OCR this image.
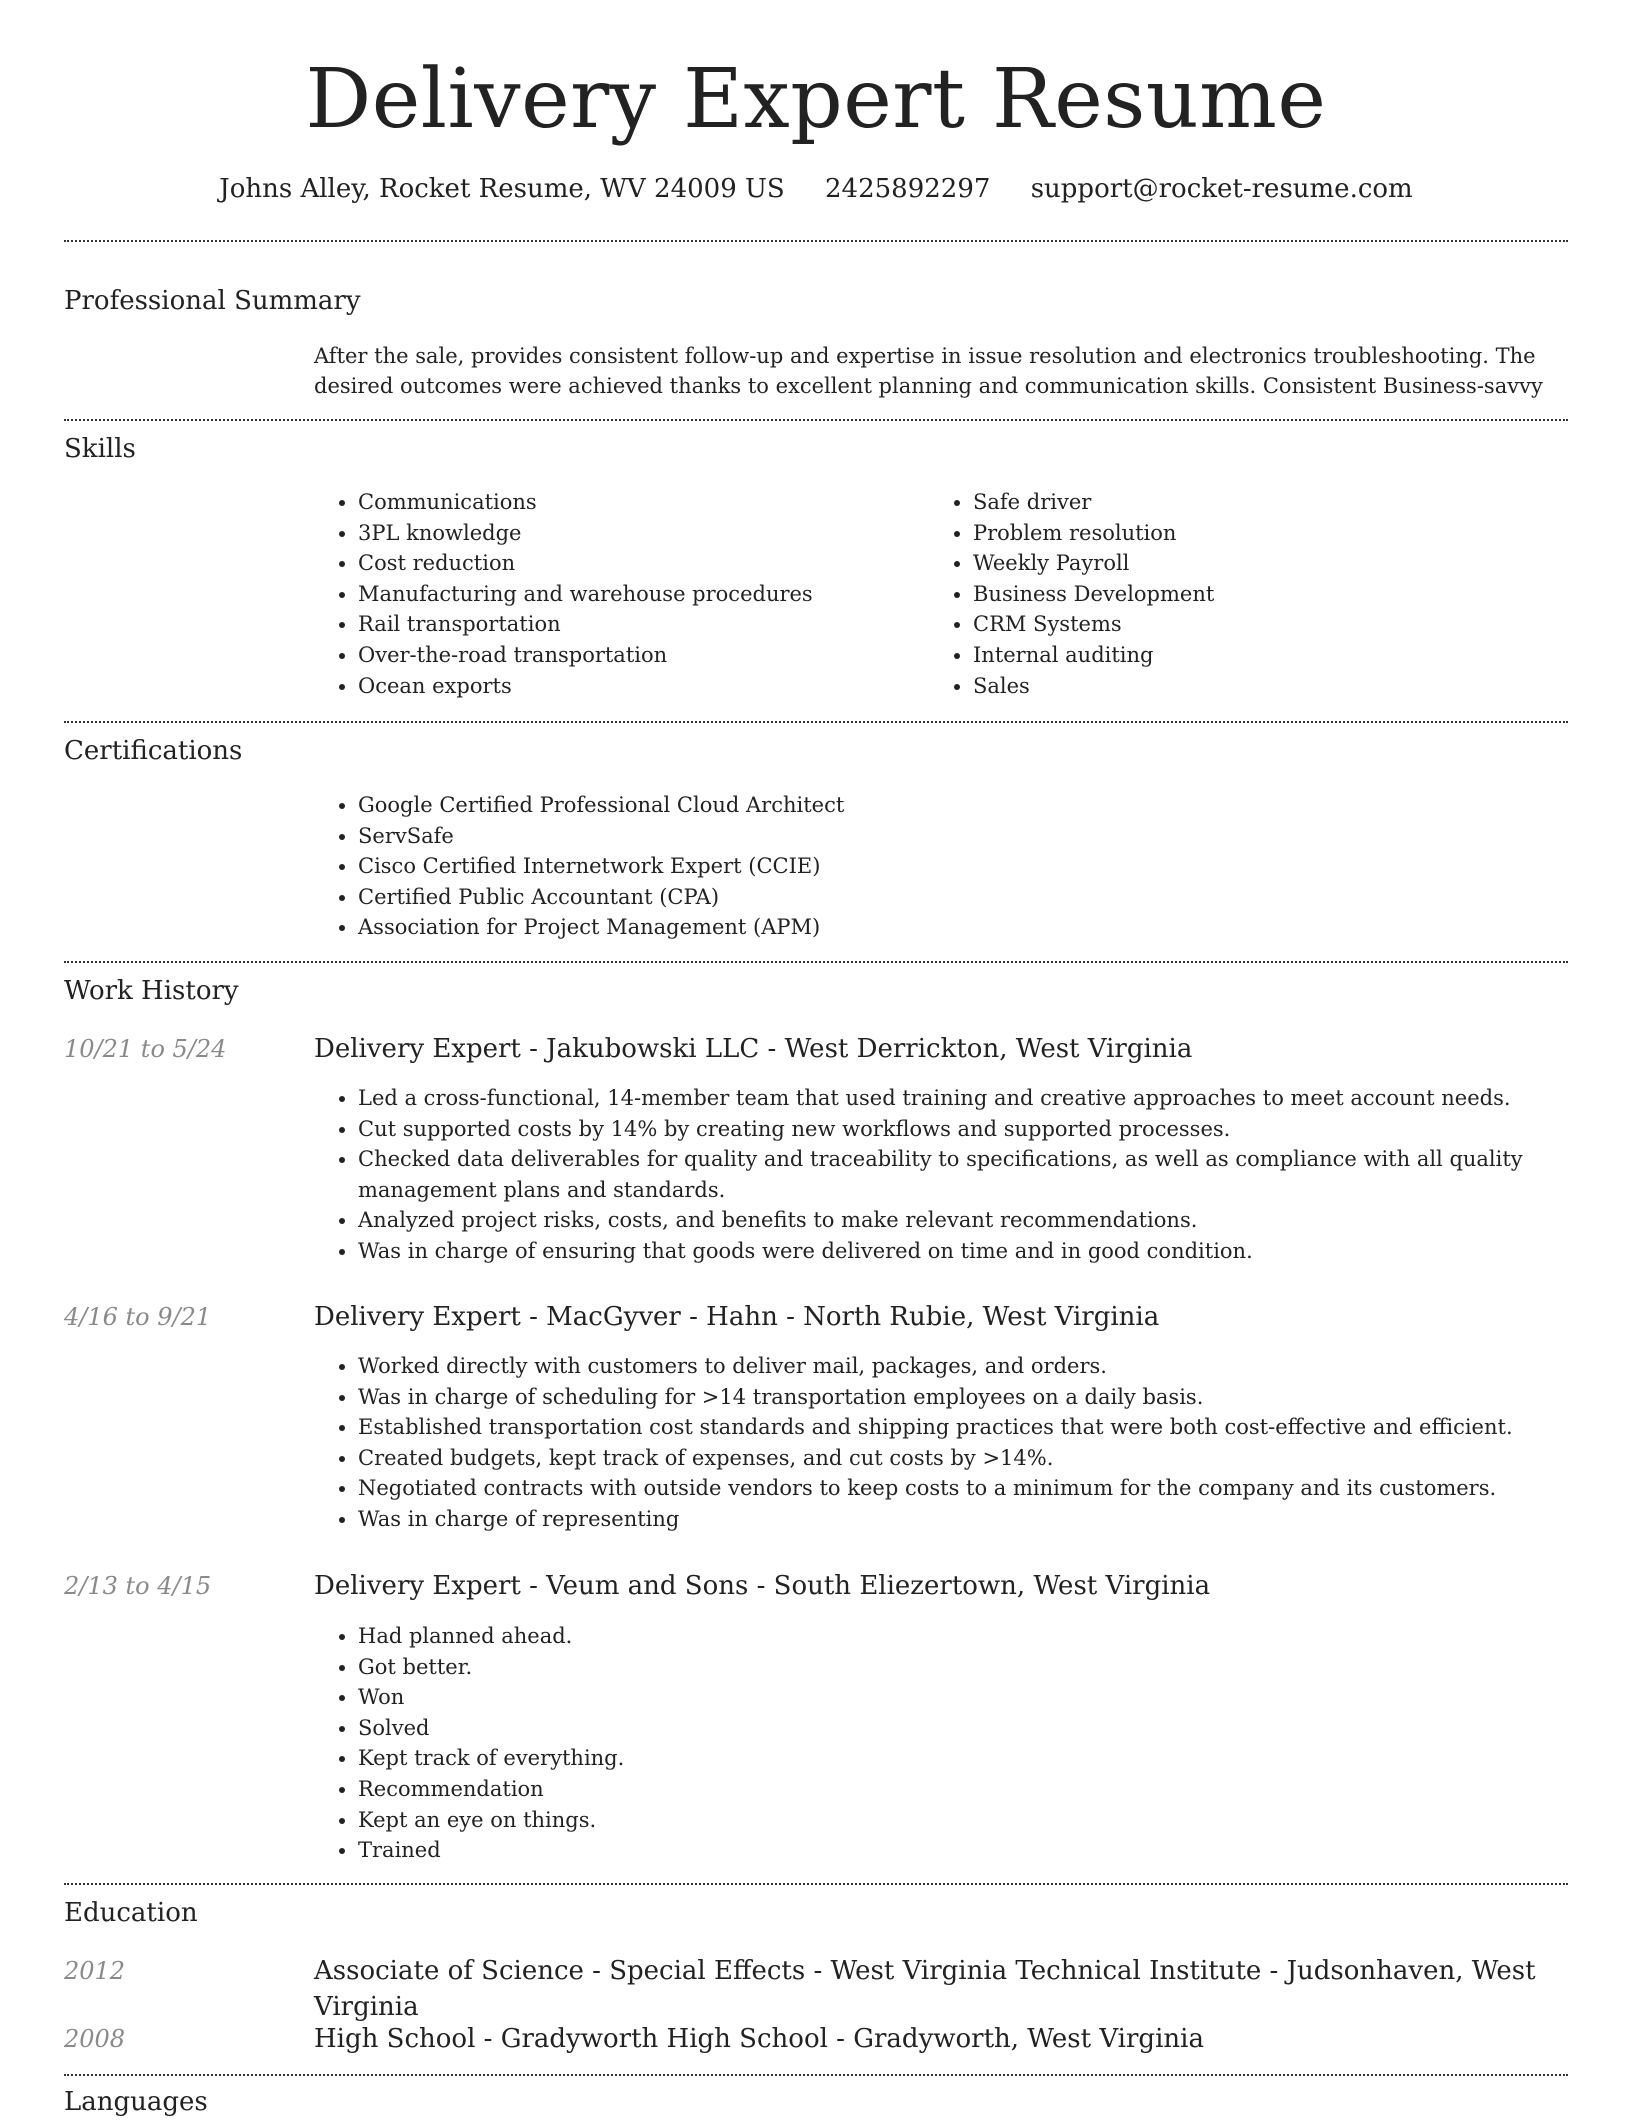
Delivery Expert Resume
Johns Alley, Rocket Resume, WV 24009 US 2425892297 support@rocket-resume.com
Professional Summary
After the sale, provides consistent follow-up and expertise in issue resolution and electronics troubleshooting. The desired outcomes were achieved thanks to excellent planning and communication skills. Consistent Business-savvy
Skills
• Communications
• 3PL knowledge
• Cost reduction
• Manufacturing and warehouse procedures
• Rail transportation
• Over-the-road transportation
• Ocean exports
• Safe driver
• Problem resolution
• Weekly Payroll
• Business Development
• CRM Systems
• Internal auditing
• Sales
Certifications
• Google Certified Professional Cloud Architect
• ServSafe
• Cisco Certified Internetwork Expert (CCIE)
• Certified Public Accountant (CPA)
• Association for Project Management (APM)
Work History
10/21 to 5/24	Delivery Expert - Jakubowski LLC - West Derrickton, West Virginia
• Led a cross-functional, 14-member team that used training and creative approaches to meet account needs.
• Cut supported costs by 14% by creating new workflows and supported processes.
• Checked data deliverables for quality and traceability to specifications, as well as compliance with all quality management plans and standards.
• Analyzed project risks, costs, and benefits to make relevant recommendations.
• Was in charge of ensuring that goods were delivered on time and in good condition.
4/16 to 9/21	Delivery Expert - MacGyver - Hahn - North Rubie, West Virginia
• Worked directly with customers to deliver mail, packages, and orders.
• Was in charge of scheduling for >14 transportation employees on a daily basis.
• Established transportation cost standards and shipping practices that were both cost-effective and efficient.
• Created budgets, kept track of expenses, and cut costs by >14%.
• Negotiated contracts with outside vendors to keep costs to a minimum for the company and its customers.
• Was in charge of representing
2/13 to 4/15	Delivery Expert - Veum and Sons - South Eliezertown, West Virginia
• Had planned ahead.
• Got better.
• Won
• Solved
• Kept track of everything.
• Recommendation
• Kept an eye on things.
• Trained
Education
2012	Associate of Science - Special Effects - West Virginia Technical Institute - Judsonhaven, West Virginia
2008	High School - Gradyworth High School - Gradyworth, West Virginia
Languages
